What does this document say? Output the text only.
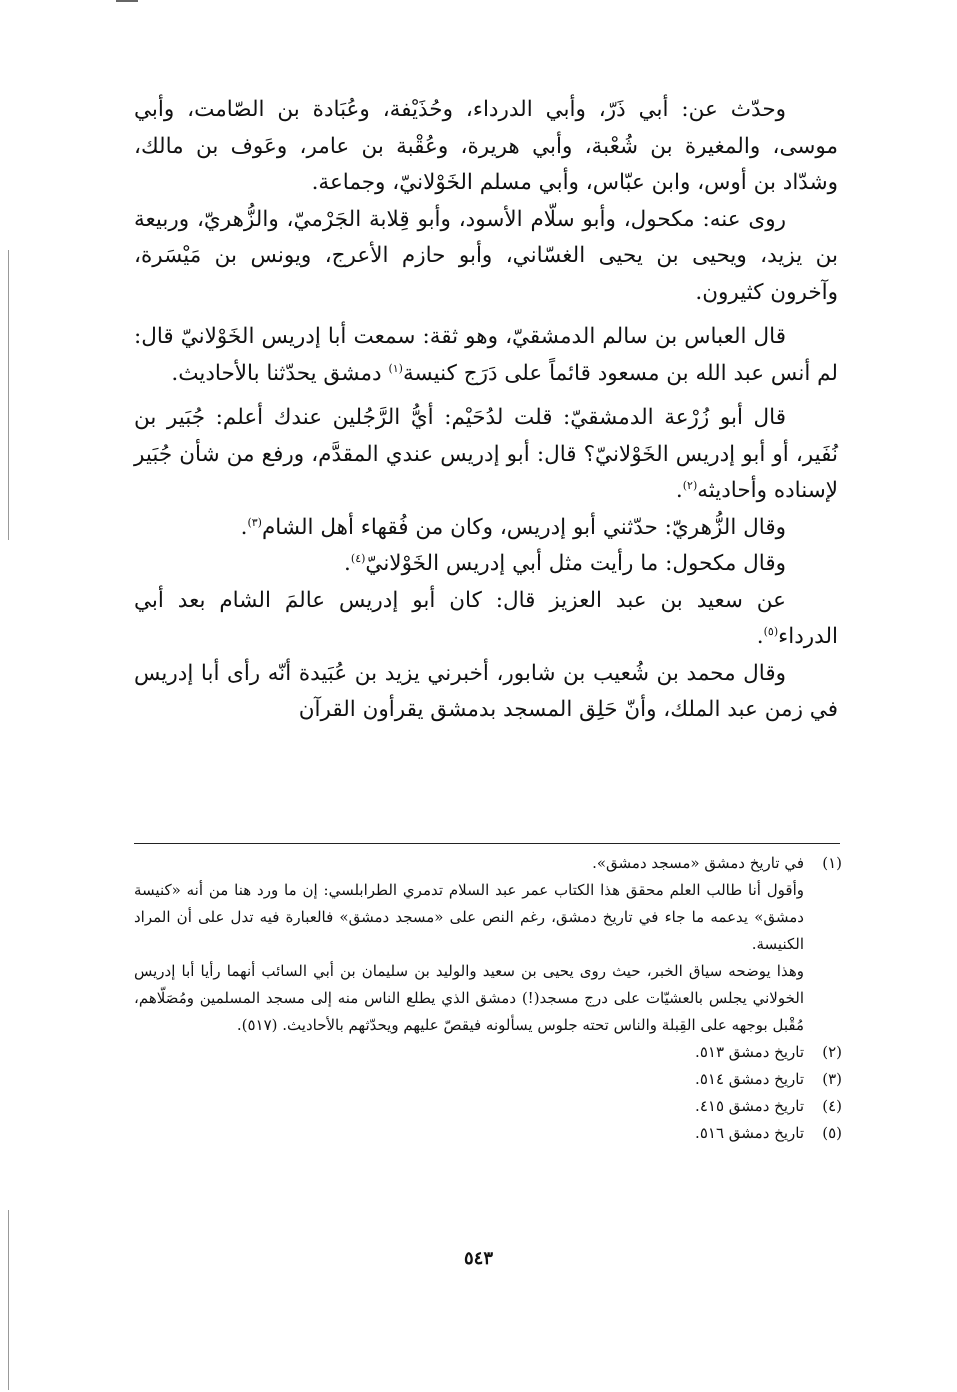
وحدّث عن: أبي ذَرّ، وأبي الدرداء، وحُذَيْفة، وعُبَادة بن الصّامت، وأبي موسى، والمغيرة بن شُعْبة، وأبي هريرة، وعُقْبة بن عامر، وعَوف بن مالك، وشدّاد بن أوس، وابن عبّاس، وأبي مسلم الخَوْلانيّ، وجماعة.

روى عنه: مكحول، وأبو سلّام الأسود، وأبو قِلابة الجَرْميّ، والزُّهريّ، وربيعة بن يزيد، ويحيى بن يحيى الغسّاني، وأبو حازم الأعرج، ويونس بن مَيْسَرة، وآخرون كثيرون.

قال العباس بن سالم الدمشقيّ، وهو ثقة: سمعت أبا إدريس الخَوْلانيّ قال: لم أنس عبد الله بن مسعود قائماً على دَرَج كنيسة$^{(١)}$ دمشق يحدّثنا بالأحاديث.

قال أبو زُرْعة الدمشقيّ: قلت لدُحَيْم: أيُّ الرَّجُلين عندك أعلم: جُبَير بن نُفَير، أو أبو إدريس الخَوْلانيّ؟ قال: أبو إدريس عندي المقدَّم، ورفع من شأن جُبَير لإسناده وأحاديثه$^{(٢)}$.

وقال الزُّهريّ: حدّثني أبو إدريس، وكان من فُقهاء أهل الشام$^{(٣)}$.

وقال مكحول: ما رأيت مثل أبي إدريس الخَوْلانيّ$^{(٤)}$.

عن سعيد بن عبد العزيز قال: كان أبو إدريس عالمَ الشام بعد أبي الدرداء$^{(٥)}$.

وقال محمد بن شُعيب بن شابور، أخبرني يزيد بن عُبَيدة أنّه رأى أبا إدريس في زمن عبد الملك، وأنّ حَلِق المسجد بدمشق يقرأون القرآن

(١)في تاريخ دمشق «مسجد دمشق».

وأقول أنا طالب العلم محقق هذا الكتاب عمر عبد السلام تدمري الطرابلسي: إن ما ورد هنا من أنه «كنيسة دمشق» يدعمه ما جاء في تاريخ دمشق، رغم النص على «مسجد دمشق» فالعبارة فيه تدل على أن المراد الكنيسة.

وهذا يوضحه سياق الخبر، حيث روى يحيى بن سعيد والوليد بن سليمان بن أبي السائب أنهما رأيا أبا إدريس الخولاني يجلس بالعشيّات على درج مسجد(!) دمشق الذي يطلع الناس منه إلى مسجد المسلمين ومُصَلّاهم، مُقْبل بوجهه على القِبلة والناس تحته جلوس يسألونه فيقصّ عليهم ويحدّثهم بالأحاديث. (٥١٧).

(٢)تاريخ دمشق ٥١٣.

(٣)تاريخ دمشق ٥١٤.

(٤)تاريخ دمشق ٤١٥.

(٥)تاريخ دمشق ٥١٦.

٥٤٣
